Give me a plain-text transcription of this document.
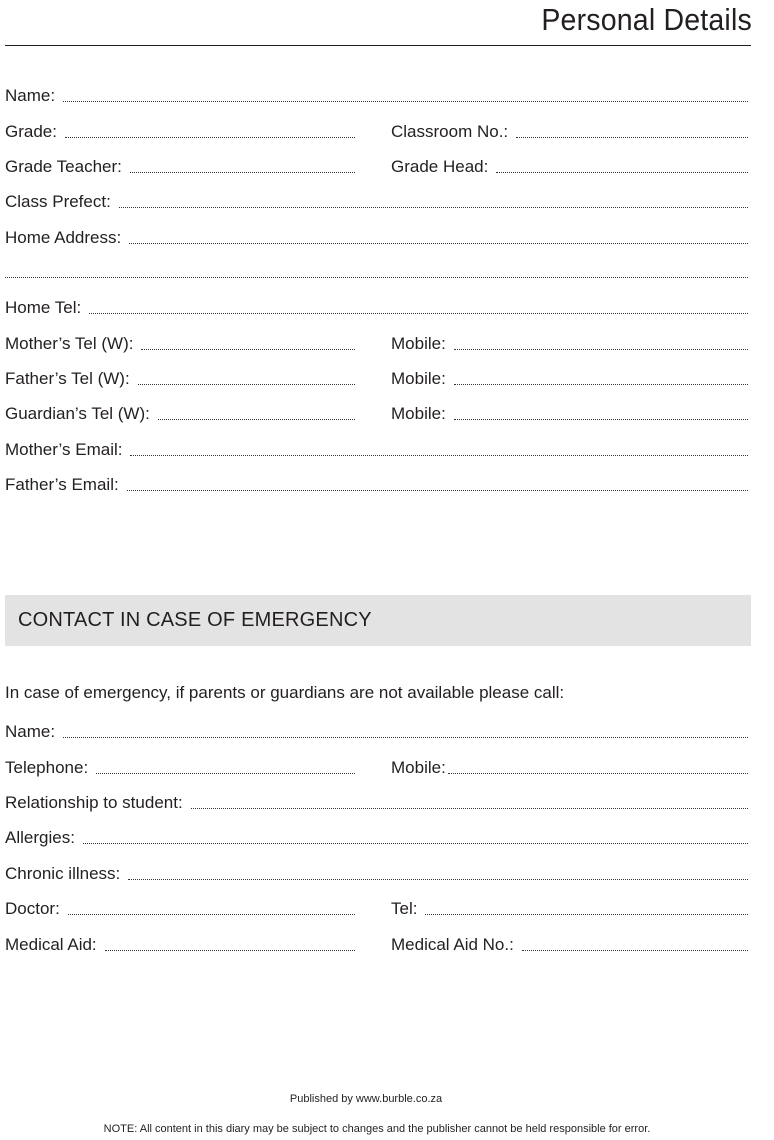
Personal Details
Name:
Grade:	Classroom No.:
Grade Teacher:	Grade Head:
Class Prefect:
Home Address:
Home Tel:
Mother’s Tel (W):	Mobile:
Father’s Tel (W):	Mobile:
Guardian’s Tel (W):	Mobile:
Mother’s Email:
Father’s Email:
CONTACT IN CASE OF EMERGENCY
In case of emergency, if parents or guardians are not available please call:
Name:
Telephone:	Mobile:
Relationship to student:
Allergies:
Chronic illness:
Doctor:	Tel:
Medical Aid:	Medical Aid No.:
Published by www.burble.co.za
NOTE: All content in this diary may be subject to changes and the publisher cannot be held responsible for error.
